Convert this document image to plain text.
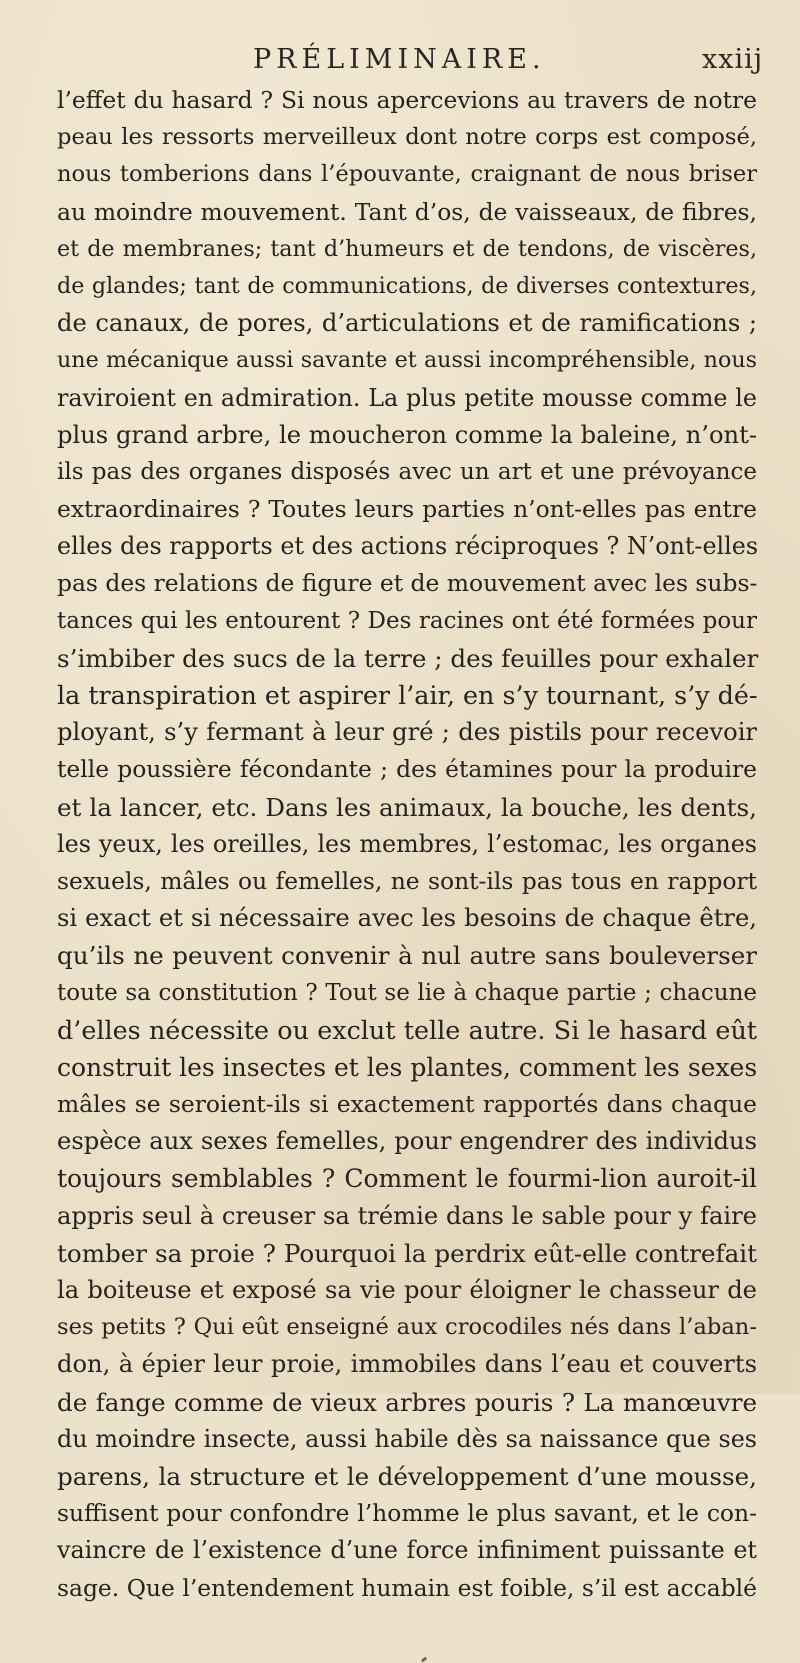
PRÉLIMINAIRE.	xxiij
l’effet du hasard ? Si nous apercevions au travers de notre
peau les ressorts merveilleux dont notre corps est composé,
nous tomberions dans l’épouvante, craignant de nous briser
au moindre mouvement. Tant d’os, de vaisseaux, de fibres,
et de membranes; tant d’humeurs et de tendons, de viscères,
de glandes; tant de communications, de diverses contextures,
de canaux, de pores, d’articulations et de ramifications ;
une mécanique aussi savante et aussi incompréhensible, nous
raviroient en admiration. La plus petite mousse comme le
plus grand arbre, le moucheron comme la baleine, n’ont-
ils pas des organes disposés avec un art et une prévoyance
extraordinaires ? Toutes leurs parties n’ont-elles pas entre
elles des rapports et des actions réciproques ? N’ont-elles
pas des relations de figure et de mouvement avec les subs-
tances qui les entourent ? Des racines ont été formées pour
s’imbiber des sucs de la terre ; des feuilles pour exhaler
la transpiration et aspirer l’air, en s’y tournant, s’y dé-
ployant, s’y fermant à leur gré ; des pistils pour recevoir
telle poussière fécondante ; des étamines pour la produire
et la lancer, etc. Dans les animaux, la bouche, les dents,
les yeux, les oreilles, les membres, l’estomac, les organes
sexuels, mâles ou femelles, ne sont-ils pas tous en rapport
si exact et si nécessaire avec les besoins de chaque être,
qu’ils ne peuvent convenir à nul autre sans bouleverser
toute sa constitution ? Tout se lie à chaque partie ; chacune
d’elles nécessite ou exclut telle autre. Si le hasard eût
construit les insectes et les plantes, comment les sexes
mâles se seroient-ils si exactement rapportés dans chaque
espèce aux sexes femelles, pour engendrer des individus
toujours semblables ? Comment le fourmi-lion auroit-il
appris seul à creuser sa trémie dans le sable pour y faire
tomber sa proie ? Pourquoi la perdrix eût-elle contrefait
la boiteuse et exposé sa vie pour éloigner le chasseur de
ses petits ? Qui eût enseigné aux crocodiles nés dans l’aban-
don, à épier leur proie, immobiles dans l’eau et couverts
de fange comme de vieux arbres pouris ? La manœuvre
du moindre insecte, aussi habile dès sa naissance que ses
parens, la structure et le développement d’une mousse,
suffisent pour confondre l’homme le plus savant, et le con-
vaincre de l’existence d’une force infiniment puissante et
sage. Que l’entendement humain est foible, s’il est accablé
